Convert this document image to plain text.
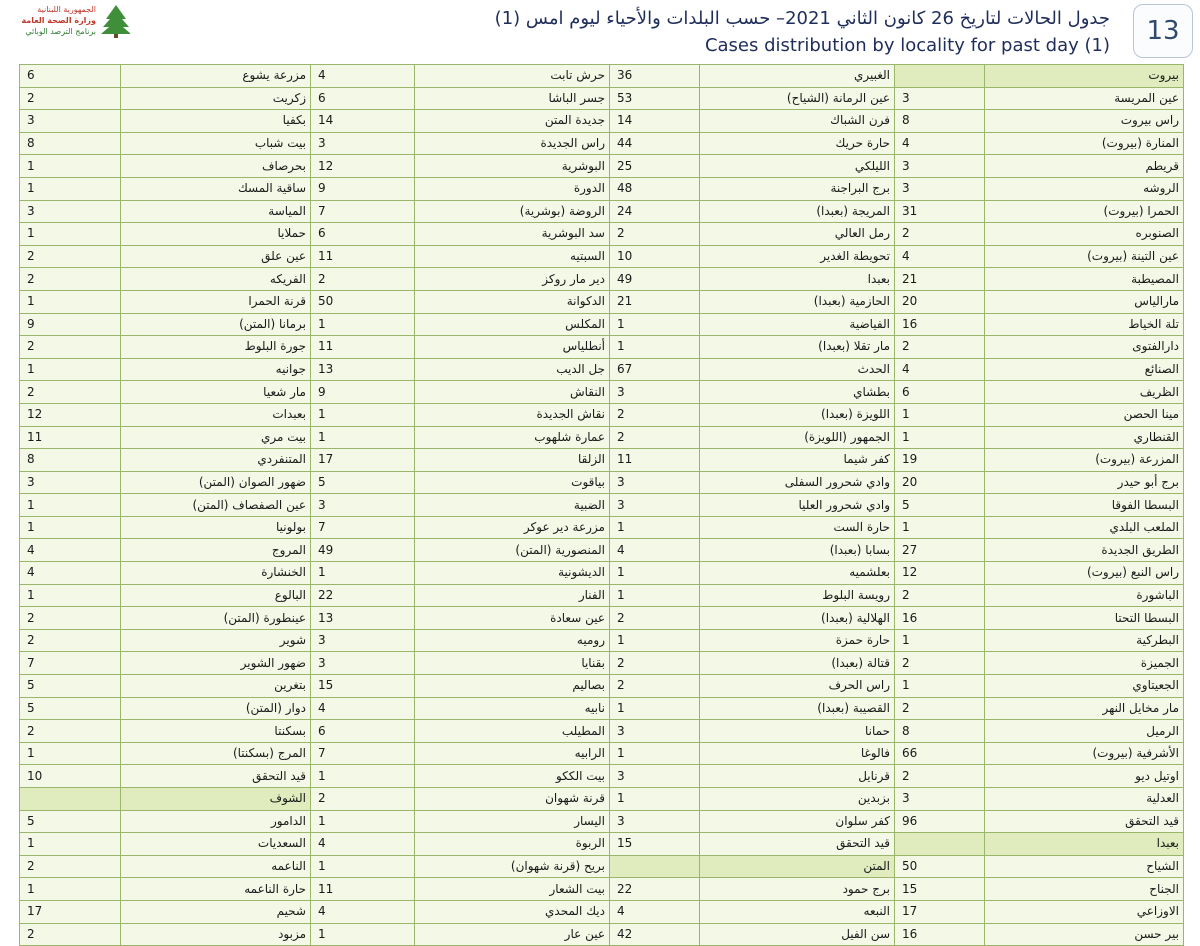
الجمهورية اللبنانية
وزارة الصحة العامة
برنامج الترصد الوبائي
جدول الحالات لتاريخ 26 كانون الثاني 2021– حسب البلدات والأحياء ليوم امس (1)
Cases distribution by locality for past day (1)	13
6	مزرعة يشوع	4	حرش تابت	36	الغبيري		بيروت
2	زكريت	6	جسر الباشا	53	عين الرمانة (الشياح)	3	عين المريسة
3	بكفيا	14	جديدة المتن	14	فرن الشباك	8	راس بيروت
8	بيت شباب	3	راس الجديدة	44	حارة حريك	4	المنارة (بيروت)
1	بحرصاف	12	البوشرية	25	الليلكي	3	قريطم
1	ساقية المسك	9	الدورة	48	برج البراجنة	3	الروشه
3	المياسة	7	الروضة (بوشرية)	24	المريجة (بعبدا)	31	الحمرا (بيروت)
1	حملايا	6	سد البوشرية	2	رمل العالي	2	الصنوبره
2	عين علق	11	السبتيه	10	تحويطة الغدير	4	عين التينة (بيروت)
2	الفريكه	2	دير مار روكز	49	بعبدا	21	المصيطبة
1	قرنة الحمرا	50	الدكوانة	21	الحازمية (بعبدا)	20	مارالياس
9	برمانا (المتن)	1	المكلس	1	الفياضية	16	تلة الخياط
2	جورة البلوط	11	أنطلياس	1	مار تقلا (بعبدا)	2	دارالفتوى
1	جوانيه	13	جل الديب	67	الحدث	4	الصنائع
2	مار شعيا	9	النقاش	3	بطشاي	6	الظريف
12	بعبدات	1	نقاش الجديدة	2	اللويزة (بعبدا)	1	مينا الحصن
11	بيت مري	1	عمارة شلهوب	2	الجمهور (اللويزة)	1	القنطاري
8	المتنفردي	17	الزلقا	11	كفر شيما	19	المزرعة (بيروت)
3	ضهور الصوان (المتن)	5	بياقوت	3	وادي شحرور السفلى	20	برج أبو حيدر
1	عين الصفصاف (المتن)	3	الضبية	3	وادي شحرور العليا	5	البسطا الفوقا
1	بولونيا	7	مزرعة دير عوكر	1	حارة الست	1	الملعب البلدي
4	المروج	49	المنصورية (المتن)	4	بسابا (بعبدا)	27	الطريق الجديدة
4	الخنشارة	1	الديشونية	1	بعلشميه	12	راس النبع (بيروت)
1	البالوع	22	الفنار	1	رويسة البلوط	2	الباشورة
2	عينطورة (المتن)	13	عين سعادة	2	الهلالية (بعبدا)	16	البسطا التحتا
2	شوير	3	روميه	1	حارة حمزة	1	البطركية
7	ضهور الشوير	3	بقنايا	2	قتالة (بعبدا)	2	الجميزة
5	بتغرين	15	بصاليم	2	راس الحرف	1	الجعيتاوي
5	دوار (المتن)	4	نابيه	1	القصيبة (بعبدا)	2	مار مخايل النهر
2	بسكنتا	6	المطيلب	3	حمانا	8	الرميل
1	المرج (بسكنتا)	7	الرابيه	1	فالوغا	66	الأشرفية (بيروت)
10	قيد التحقق	1	بيت الككو	3	قرنايل	2	اوتيل ديو
	الشوف	2	قرنة شهوان	1	بزبدين	3	العدلية
5	الدامور	1	اليسار	3	كفر سلوان	96	قيد التحقق
1	السعديات	4	الربوة	15	قيد التحقق		بعبدا
2	الناعمه	1	بريح (قرنة شهوان)		المتن	50	الشياح
1	حارة الناعمه	11	بيت الشعار	22	برج حمود	15	الجناح
17	شحيم	4	ديك المحدي	4	النبعه	17	الاوزاعي
2	مزبود	1	عين عار	42	سن الفيل	16	بير حسن
